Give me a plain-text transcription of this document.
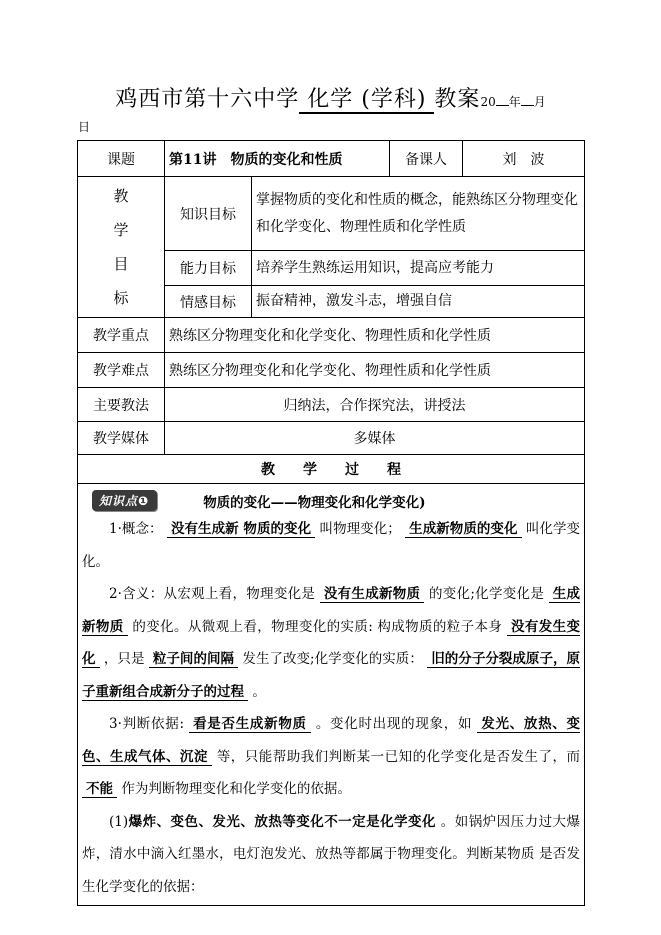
鸡西市第十六中学 化学 (学科) 教案20 年 月
日
课题	第11讲　物质的变化和性质		备课人	刘　波

教学目标	知识目标	掌握物质的变化和性质的概念，能熟练区分物理变化和化学变化、物理性质和化学性质		
	能力目标	培养学生熟练运用知识，提高应考能力		
	情感目标	振奋精神，激发斗志，增强自信		
教学重点	熟练区分物理变化和化学变化、物理性质和化学性质			
教学难点	熟练区分物理变化和化学变化、物理性质和化学性质			
主要教法	归纳法，合作探究法，讲授法			
教学媒体	多媒体			
教　　学　　过　　程				

知识点❶	物质的变化——物理变化和化学变化)
1·概念： 没有生成新 物质的变化 叫物理变化； 生成新物质的变化 叫化学变化。
2·含义：从宏观上看，物理变化是 没有生成新物质 的变化;化学变化是 生成新物质 的变化。从微观上看，物理变化的实质: 构成物质的粒子本身 没有发生变化 ，只是 粒子间的间隔 发生了改变;化学变化的实质： 旧的分子分裂成原子，原子重新组合成新分子的过程 。
3·判断依据: 看是否生成新物质 。变化时出现的现象，如 发光、放热、变色、生成气体、沉淀 等，只能帮助我们判断某一已知的化学变化是否发生了，而 不能 作为判断物理变化和化学变化的依据。
(1)爆炸、变色、发光、放热等变化不一定是化学变化 。如锅炉因压力过大爆炸，清水中滴入红墨水，电灯泡发光、放热等都属于物理变化。判断某物质 是否发生化学变化的依据：
